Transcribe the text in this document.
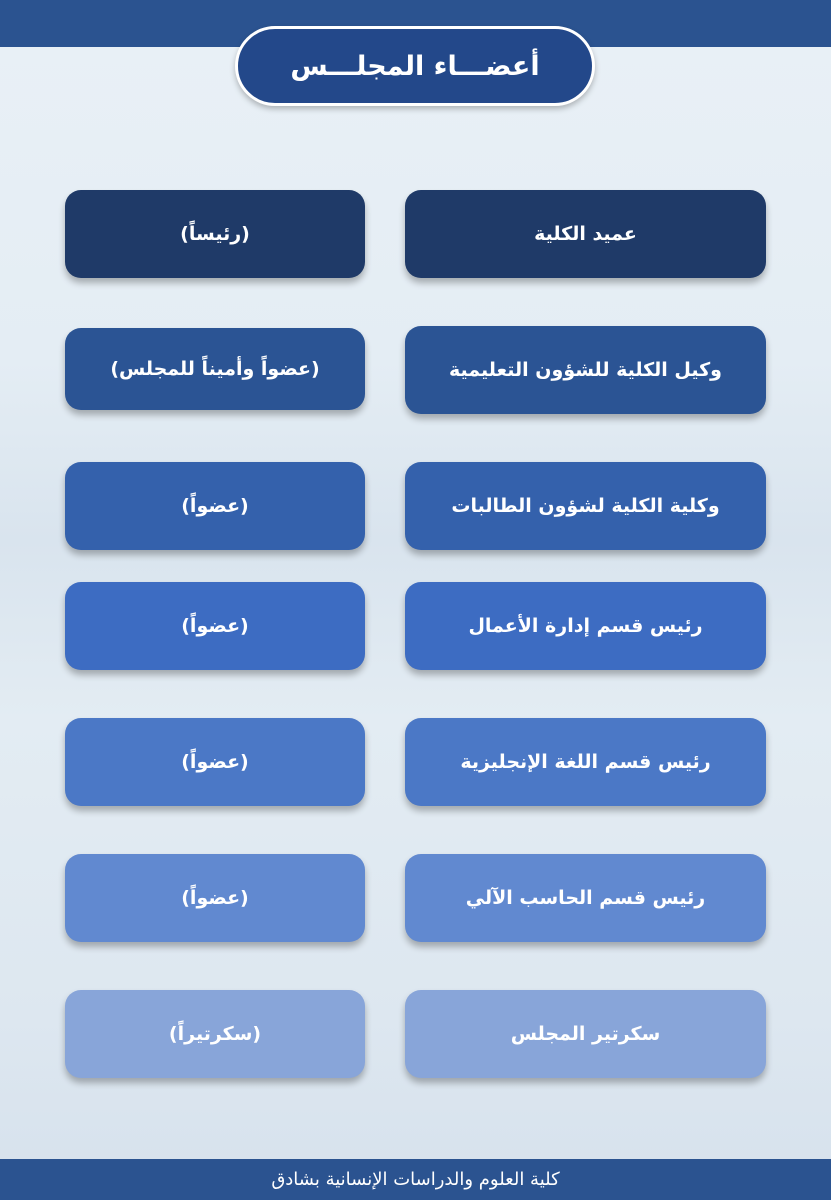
أعضـــاء المجلـــس
(رئيساً)	عميد الكلية
(عضواً وأميناً للمجلس)	وكيل الكلية للشؤون التعليمية
(عضواً)	وكلية الكلية لشؤون الطالبات
(عضواً)	رئيس قسم إدارة الأعمال
(عضواً)	رئيس قسم اللغة الإنجليزية
(عضواً)	رئيس قسم الحاسب الآلي
(سكرتيراً)	سكرتير المجلس
كلية العلوم والدراسات الإنسانية بشادق
